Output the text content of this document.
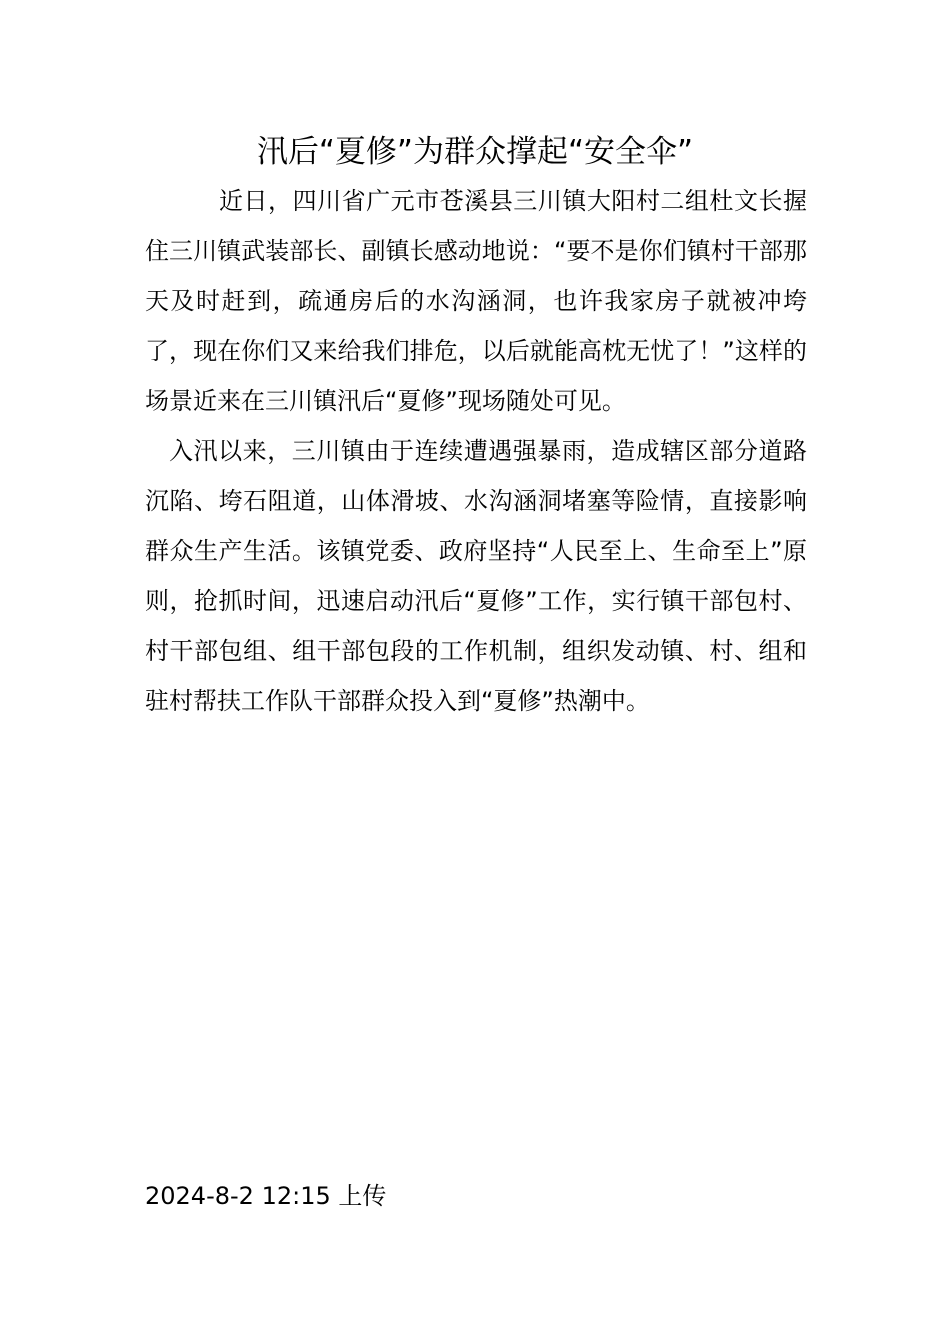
汛后“夏修”为群众撑起“安全伞”

近日，四川省广元市苍溪县三川镇大阳村二组杜文长握住三川镇武装部长、副镇长感动地说：“要不是你们镇村干部那天及时赶到，疏通房后的水沟涵洞，也许我家房子就被冲垮了，现在你们又来给我们排危，以后就能高枕无忧了！”这样的场景近来在三川镇汛后“夏修”现场随处可见。

入汛以来，三川镇由于连续遭遇强暴雨，造成辖区部分道路沉陷、垮石阻道，山体滑坡、水沟涵洞堵塞等险情，直接影响群众生产生活。该镇党委、政府坚持“人民至上、生命至上”原则，抢抓时间，迅速启动汛后“夏修”工作，实行镇干部包村、村干部包组、组干部包段的工作机制，组织发动镇、村、组和驻村帮扶工作队干部群众投入到“夏修”热潮中。

2024-8-2 12:15 上传
